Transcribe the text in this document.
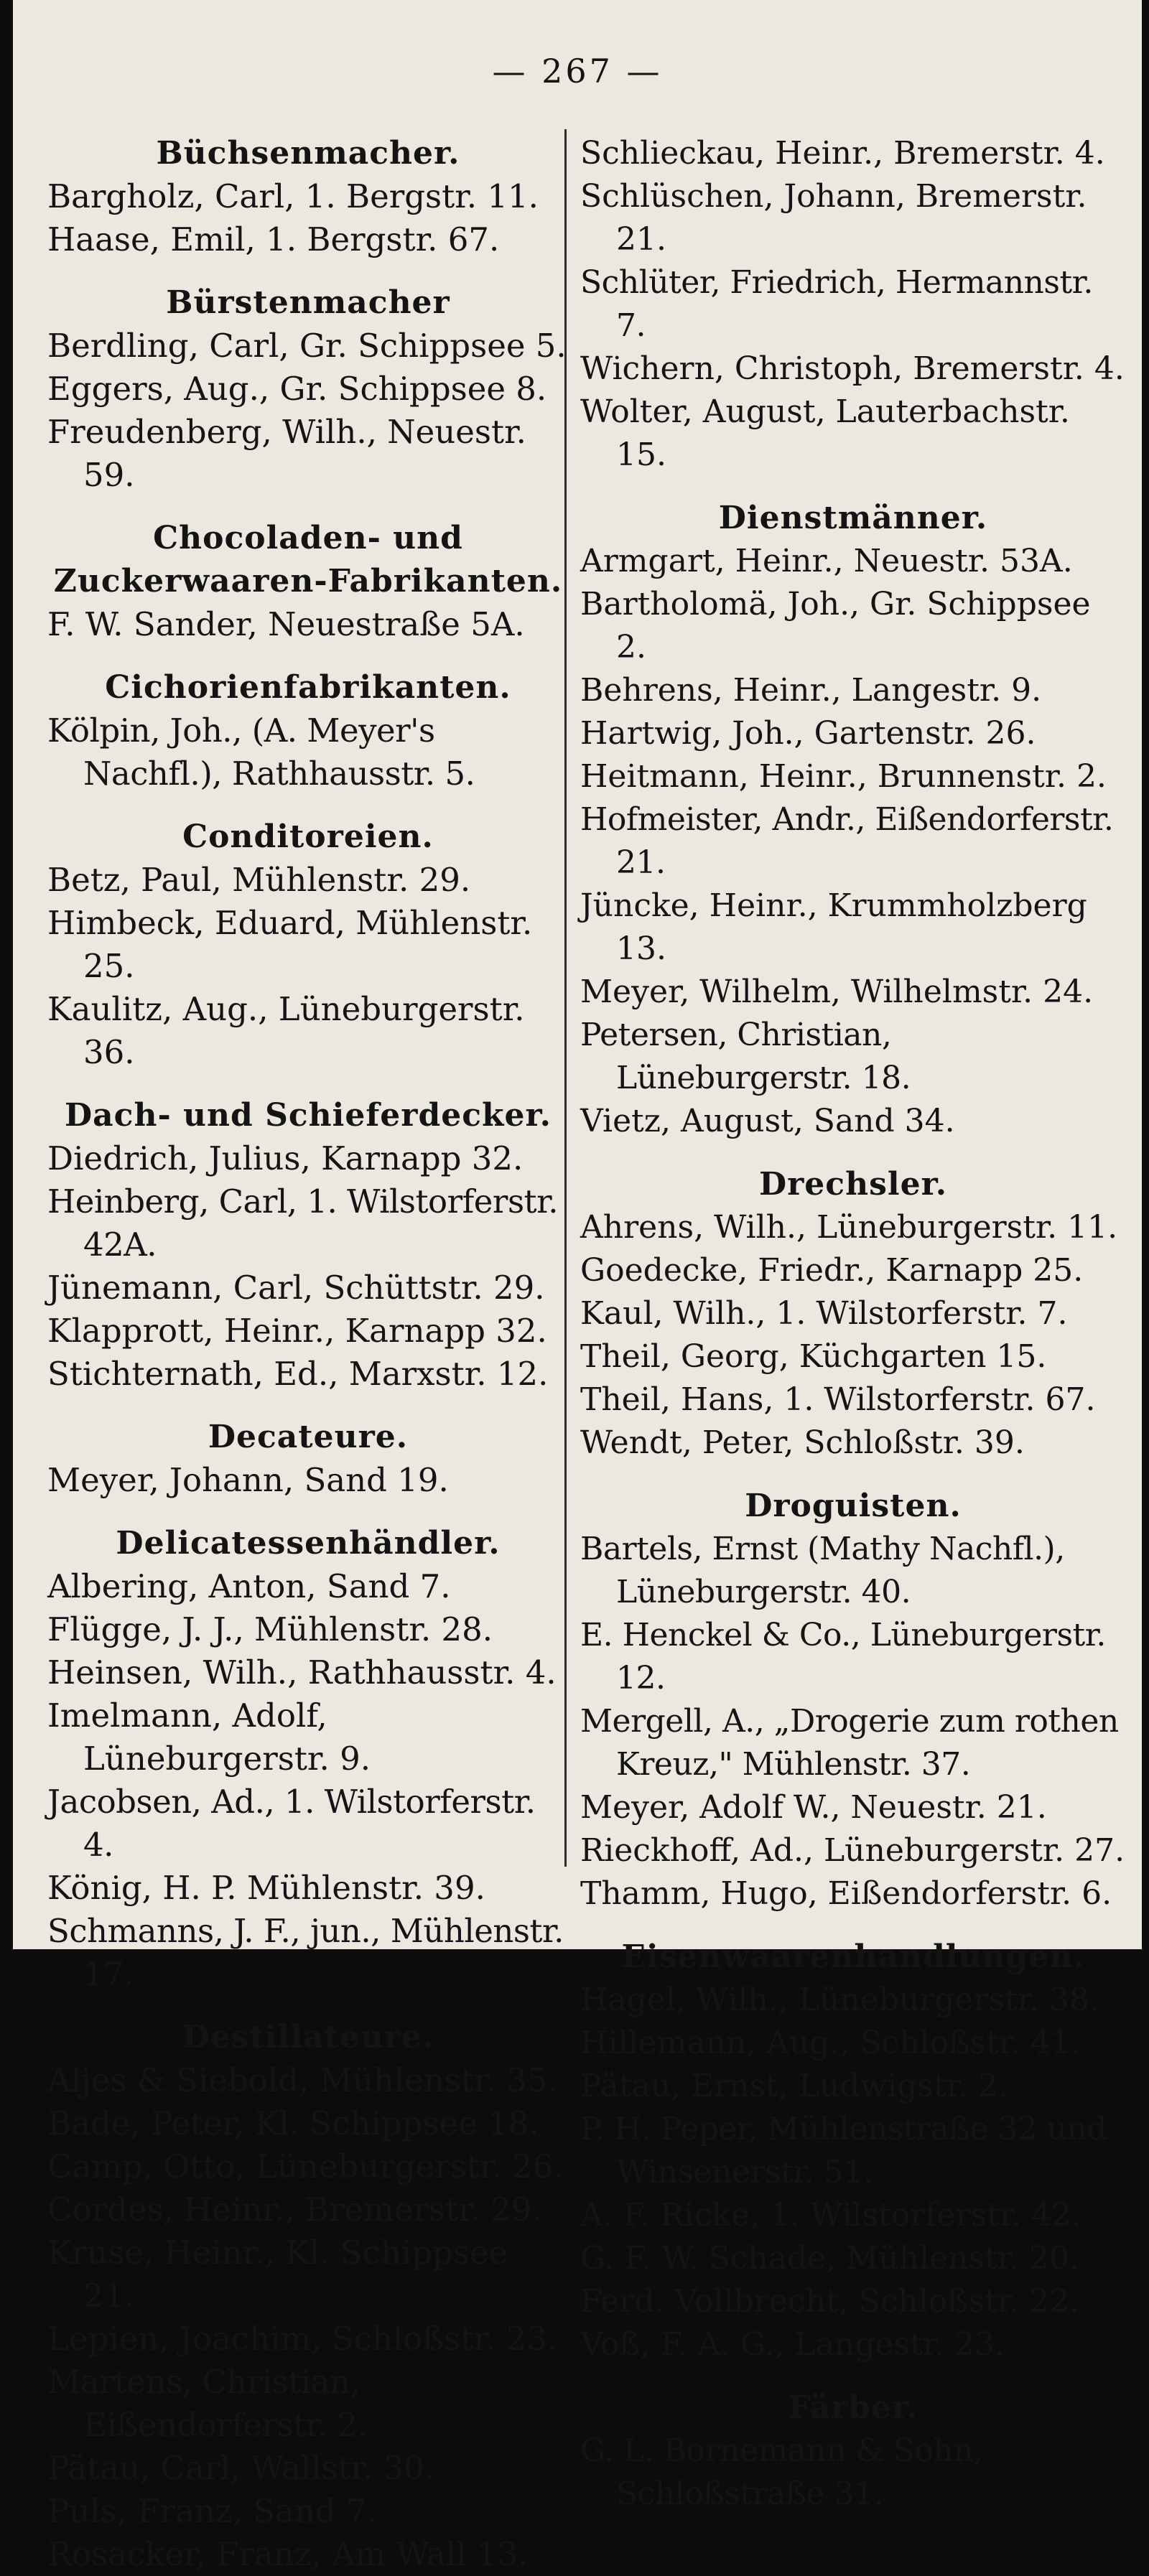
— 267 —
Büchsenmacher.
Bargholz, Carl, 1. Bergstr. 11.
Haase, Emil, 1. Bergstr. 67.
Bürstenmacher
Berdling, Carl, Gr. Schippsee 5.
Eggers, Aug., Gr. Schippsee 8.
Freudenberg, Wilh., Neuestr. 59.
Chocoladen- und Zuckerwaaren-Fabrikanten.
F. W. Sander, Neuestraße 5A.
Cichorienfabrikanten.
Kölpin, Joh., (A. Meyer's Nachfl.), Rathhausstr. 5.
Conditoreien.
Betz, Paul, Mühlenstr. 29.
Himbeck, Eduard, Mühlenstr. 25.
Kaulitz, Aug., Lüneburgerstr. 36.
Dach- und Schieferdecker.
Diedrich, Julius, Karnapp 32.
Heinberg, Carl, 1. Wilstorferstr. 42A.
Jünemann, Carl, Schüttstr. 29.
Klapprott, Heinr., Karnapp 32.
Stichternath, Ed., Marxstr. 12.
Decateure.
Meyer, Johann, Sand 19.
Delicatessenhändler.
Albering, Anton, Sand 7.
Flügge, J. J., Mühlenstr. 28.
Heinsen, Wilh., Rathhausstr. 4.
Imelmann, Adolf, Lüneburgerstr. 9.
Jacobsen, Ad., 1. Wilstorferstr. 4.
König, H. P. Mühlenstr. 39.
Schmanns, J. F., jun., Mühlenstr. 17.
Destillateure.
Aljes & Siebold, Mühlenstr. 35.
Bade, Peter, Kl. Schippsee 18.
Camp, Otto, Lüneburgerstr. 26.
Cordes, Heinr., Bremerstr. 29.
Kruse, Heinr., Kl. Schippsee 21.
Lepien, Joachim, Schloßstr. 23.
Martens, Christian, Eißendorferstr. 2.
Pätau, Carl, Wallstr. 30.
Puls, Franz, Sand 7.
Rosacker, Franz, Am Wall 13.
Schlieckau, Heinr., Bremerstr. 4.
Schlüschen, Johann, Bremerstr. 21.
Schlüter, Friedrich, Hermannstr. 7.
Wichern, Christoph, Bremerstr. 4.
Wolter, August, Lauterbachstr. 15.
Dienstmänner.
Armgart, Heinr., Neuestr. 53A.
Bartholomä, Joh., Gr. Schippsee 2.
Behrens, Heinr., Langestr. 9.
Hartwig, Joh., Gartenstr. 26.
Heitmann, Heinr., Brunnenstr. 2.
Hofmeister, Andr., Eißendorferstr. 21.
Jüncke, Heinr., Krummholzberg 13.
Meyer, Wilhelm, Wilhelmstr. 24.
Petersen, Christian, Lüneburgerstr. 18.
Vietz, August, Sand 34.
Drechsler.
Ahrens, Wilh., Lüneburgerstr. 11.
Goedecke, Friedr., Karnapp 25.
Kaul, Wilh., 1. Wilstorferstr. 7.
Theil, Georg, Küchgarten 15.
Theil, Hans, 1. Wilstorferstr. 67.
Wendt, Peter, Schloßstr. 39.
Droguisten.
Bartels, Ernst (Mathy Nachfl.), Lüneburgerstr. 40.
E. Henckel & Co., Lüneburgerstr. 12.
Mergell, A., „Drogerie zum rothen Kreuz," Mühlenstr. 37.
Meyer, Adolf W., Neuestr. 21.
Rieckhoff, Ad., Lüneburgerstr. 27.
Thamm, Hugo, Eißendorferstr. 6.
Eisenwaarenhandlungen.
Hagel, Wilh., Lüneburgerstr. 38.
Hillemann, Aug., Schloßstr. 41.
Pätau, Ernst, Ludwigstr. 2.
P. H. Peper, Mühlenstraße 32 und Winsenerstr. 51.
A. F. Ricke, 1. Wilstorferstr. 42.
G. F. W. Schade, Mühlenstr. 20.
Ferd. Vollbrecht, Schloßstr. 22.
Voß, F. A. G., Langestr. 23.
Färber.
G. L. Bornemann & Sohn, Schloßstraße 31.
